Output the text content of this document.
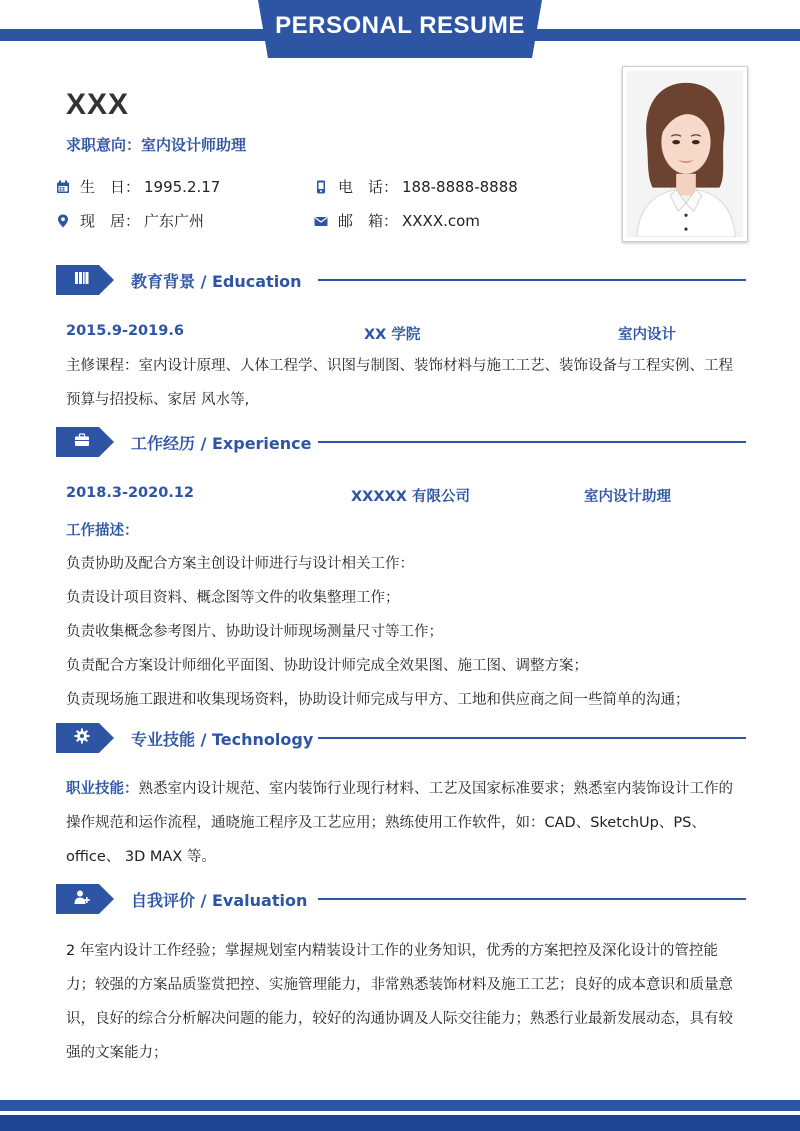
PERSONAL RESUME
XXX
求职意向：室内设计师助理
生　日： 1995.2.17	电　话： 188-8888-8888
现　居： 广东广州	邮　箱： XXXX.com
教育背景 / Education
2015.9-2019.6	XX 学院	室内设计
主修课程：室内设计原理、人体工程学、识图与制图、装饰材料与施工工艺、装饰设备与工程实例、工程预算与招投标、家居 风水等,
工作经历 / Experience
2018.3-2020.12	XXXXX 有限公司	室内设计助理
工作描述：
负责协助及配合方案主创设计师进行与设计相关工作：
负责设计项目资料、概念图等文件的收集整理工作；
负责收集概念参考图片、协助设计师现场测量尺寸等工作；
负责配合方案设计师细化平面图、协助设计师完成全效果图、施工图、调整方案；
负责现场施工跟进和收集现场资料，协助设计师完成与甲方、工地和供应商之间一些简单的沟通；
专业技能 / Technology
职业技能：熟悉室内设计规范、室内装饰行业现行材料、工艺及国家标准要求；熟悉室内装饰设计工作的操作规范和运作流程，通晓施工程序及工艺应用；熟练使用工作软件，如：CAD、SketchUp、PS、office、 3D MAX 等。
自我评价 / Evaluation
2 年室内设计工作经验；掌握规划室内精装设计工作的业务知识，优秀的方案把控及深化设计的管控能力；较强的方案品质鉴赏把控、实施管理能力，非常熟悉装饰材料及施工工艺；良好的成本意识和质量意识，良好的综合分析解决问题的能力，较好的沟通协调及人际交往能力；熟悉行业最新发展动态，具有较强的文案能力；
